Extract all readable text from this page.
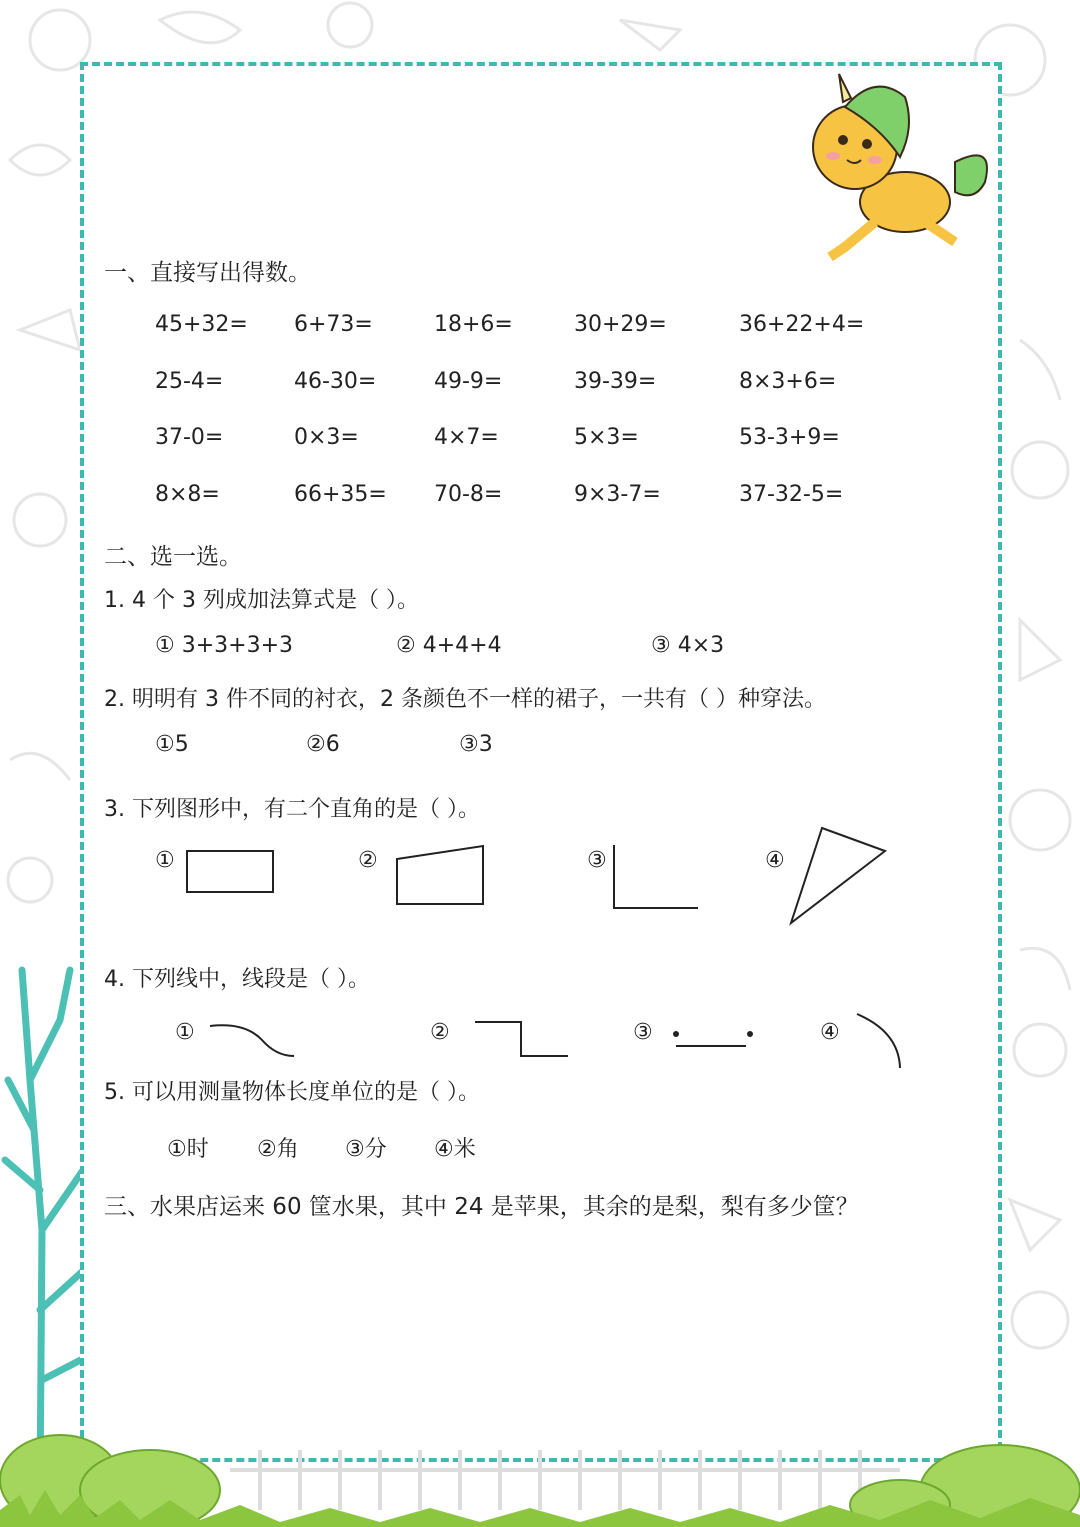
一、直接写出得数。
45+32= 6+73=	18+6=	30+29=	36+22+4=
25-4=	46-30=	49-9=	39-39=	8×3+6=
37-0=	0×3=	4×7=	5×3=	53-3+9=
8×8=	66+35= 70-8=	9×3-7=	37-32-5=
二、选一选。
1. 4 个 3 列成加法算式是（ ）。
① 3+3+3+3	② 4+4+4	③ 4×3
2. 明明有 3 件不同的衬衣，2 条颜色不一样的裙子，一共有（ ）种穿法。
①5	②6	③3
3. 下列图形中，有二个直角的是（ ）。
①	②	③	④
4. 下列线中，线段是（ ）。
①	②	③	④
5. 可以用测量物体长度单位的是（ ）。
①时 ②角 ③分 ④米
三、水果店运来 60 筐水果，其中 24 是苹果，其余的是梨，梨有多少筐？
